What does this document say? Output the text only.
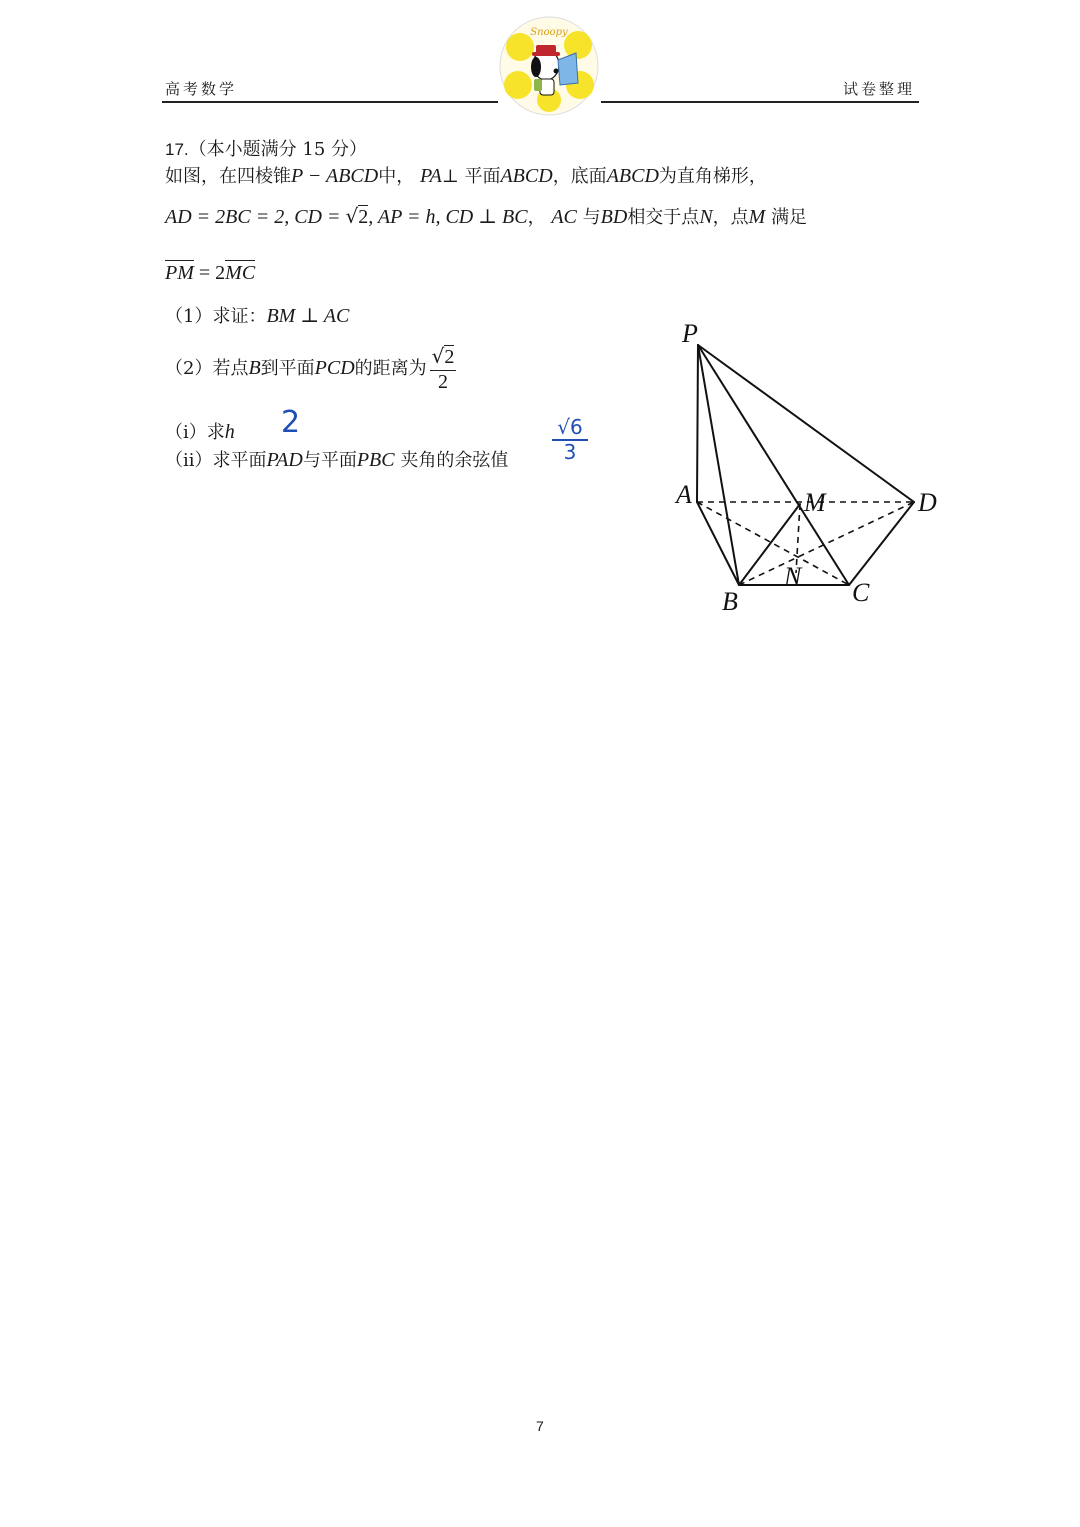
高考数学	试卷整理
Snoopy
17.（本小题满分 15 分）
如图，在四棱锥P − ABCD中， PA⊥ 平面ABCD，底面ABCD为直角梯形，
AD = 2BC = 2, CD = √2, AP = h, CD ⊥ BC， AC 与BD相交于点N，点M 满足
PM = 2MC
（1）求证：BM ⊥ AC
（2）若点B到平面PCD的距离为 $\frac{√2}{2}$
（i）求h
（ii）求平面PAD与平面PBC 夹角的余弦值
2	$\frac{√6}{3}$
P
A	M	D
N
B	C
7
